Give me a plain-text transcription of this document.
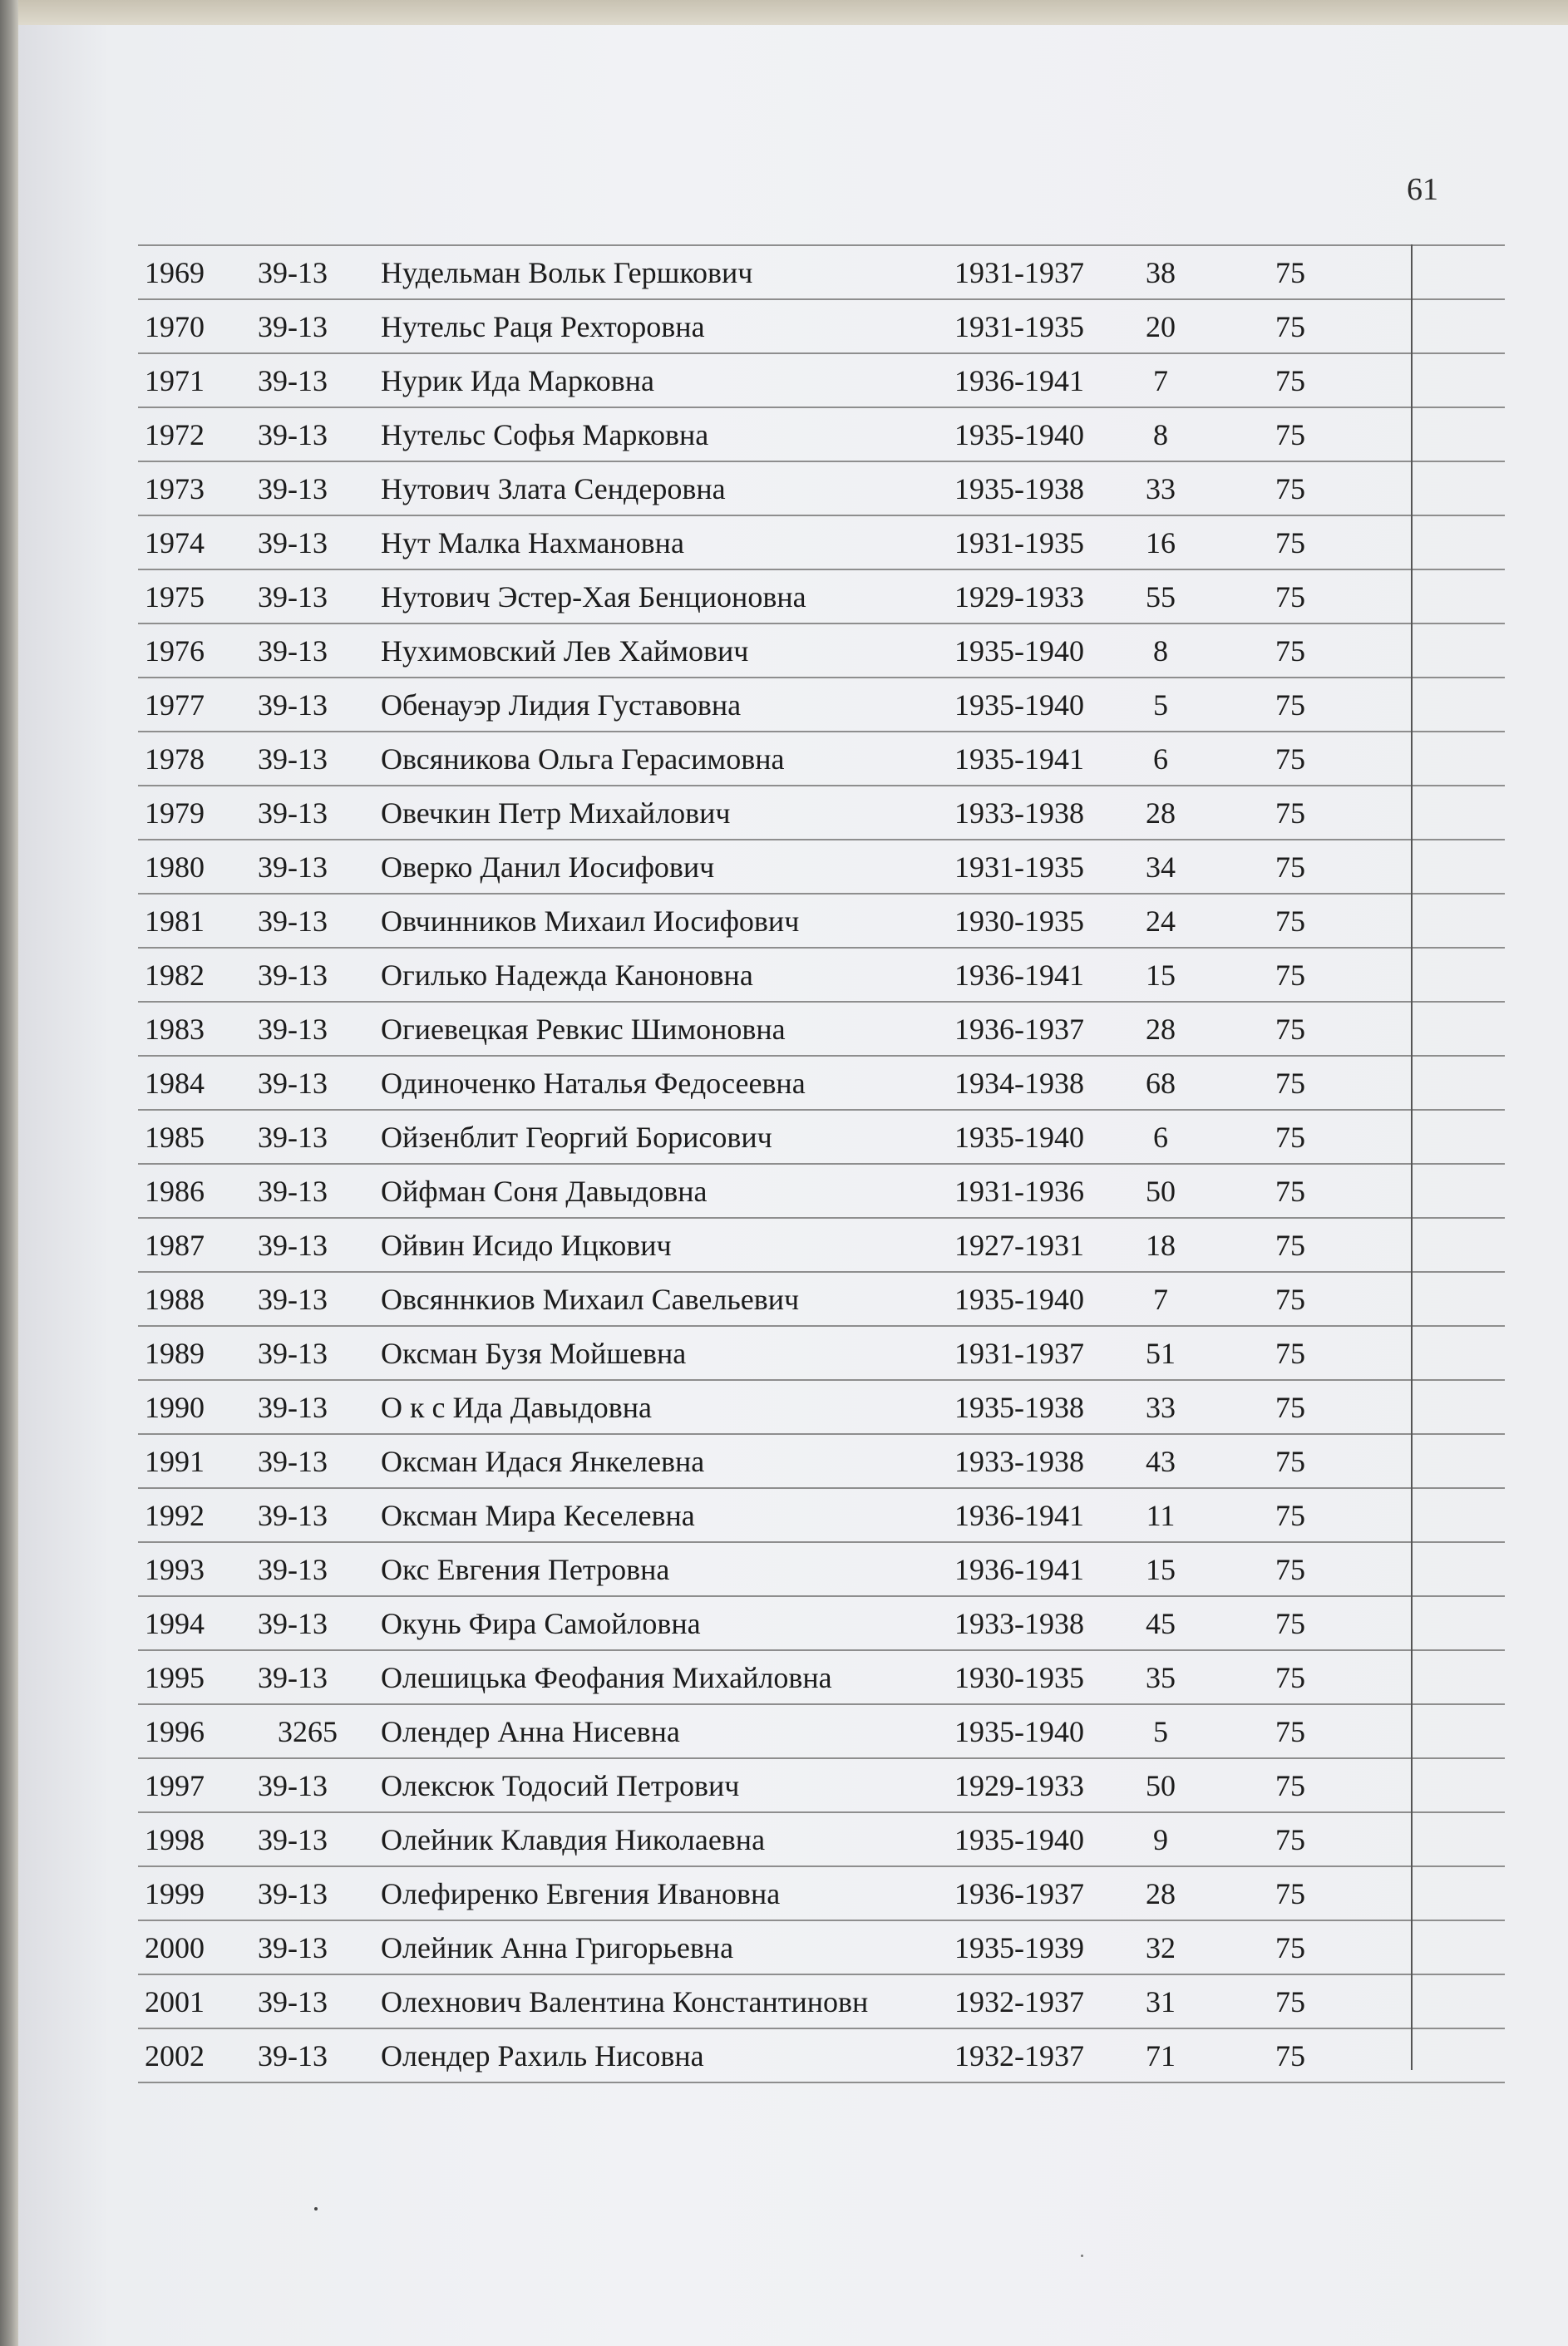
61
1969 39-13 Нудельман Вольк Гершкович	1931-1937	38	75
1970 39-13 Нутельс Раця Рехторовна	1931-1935	20	75
1971 39-13 Нурик Ида Марковна	1936-1941	7	75
1972 39-13 Нутельс Софья Марковна	1935-1940	8	75
1973 39-13 Нутович Злата Сендеровна	1935-1938	33	75
1974 39-13 Нут Малка Нахмановна	1931-1935	16	75
1975 39-13 Нутович Эстер-Хая Бенционовна	1929-1933	55	75
1976 39-13 Нухимовский Лев Хаймович	1935-1940	8	75
1977 39-13 Обенауэр Лидия Густавовна	1935-1940	5	75
1978 39-13 Овсяникова Ольга Герасимовна	1935-1941	6	75
1979 39-13 Овечкин Петр Михайлович	1933-1938	28	75
1980 39-13 Оверко Данил Иосифович	1931-1935	34	75
1981 39-13 Овчинников Михаил Иосифович	1930-1935	24	75
1982 39-13 Огилько Надежда Каноновна	1936-1941	15	75
1983 39-13 Огиевецкая Ревкис Шимоновна	1936-1937	28	75
1984 39-13 Одиноченко Наталья Федосеевна	1934-1938	68	75
1985 39-13 Ойзенблит Георгий Борисович	1935-1940	6	75
1986 39-13 Ойфман Соня Давыдовна	1931-1936	50	75
1987 39-13 Ойвин Исидо Ицкович	1927-1931	18	75
1988 39-13 Овсяннкиов Михаил Савельевич	1935-1940	7	75
1989 39-13 Оксман Бузя Мойшевна	1931-1937	51	75
1990 39-13 О к с Ида Давыдовна	1935-1938	33	75
1991 39-13 Оксман Идася Янкелевна	1933-1938	43	75
1992 39-13 Оксман Мира Кеселевна	1936-1941	11	75
1993 39-13 Окс Евгения Петровна	1936-1941	15	75
1994 39-13 Окунь Фира Самойловна	1933-1938	45	75
1995 39-13 Олешицька Феофания Михайловна	1930-1935	35	75
1996 3265 Олендер Анна Нисевна	1935-1940	5	75
1997 39-13 Олексюк Тодосий Петрович	1929-1933	50	75
1998 39-13 Олейник Клавдия Николаевна	1935-1940	9	75
1999 39-13 Олефиренко Евгения Ивановна	1936-1937	28	75
2000 39-13 Олейник Анна Григорьевна	1935-1939	32	75
2001 39-13 Олехнович Валентина Константиновн	1932-1937	31	75
2002 39-13 Олендер Рахиль Нисовна	1932-1937	71	75
